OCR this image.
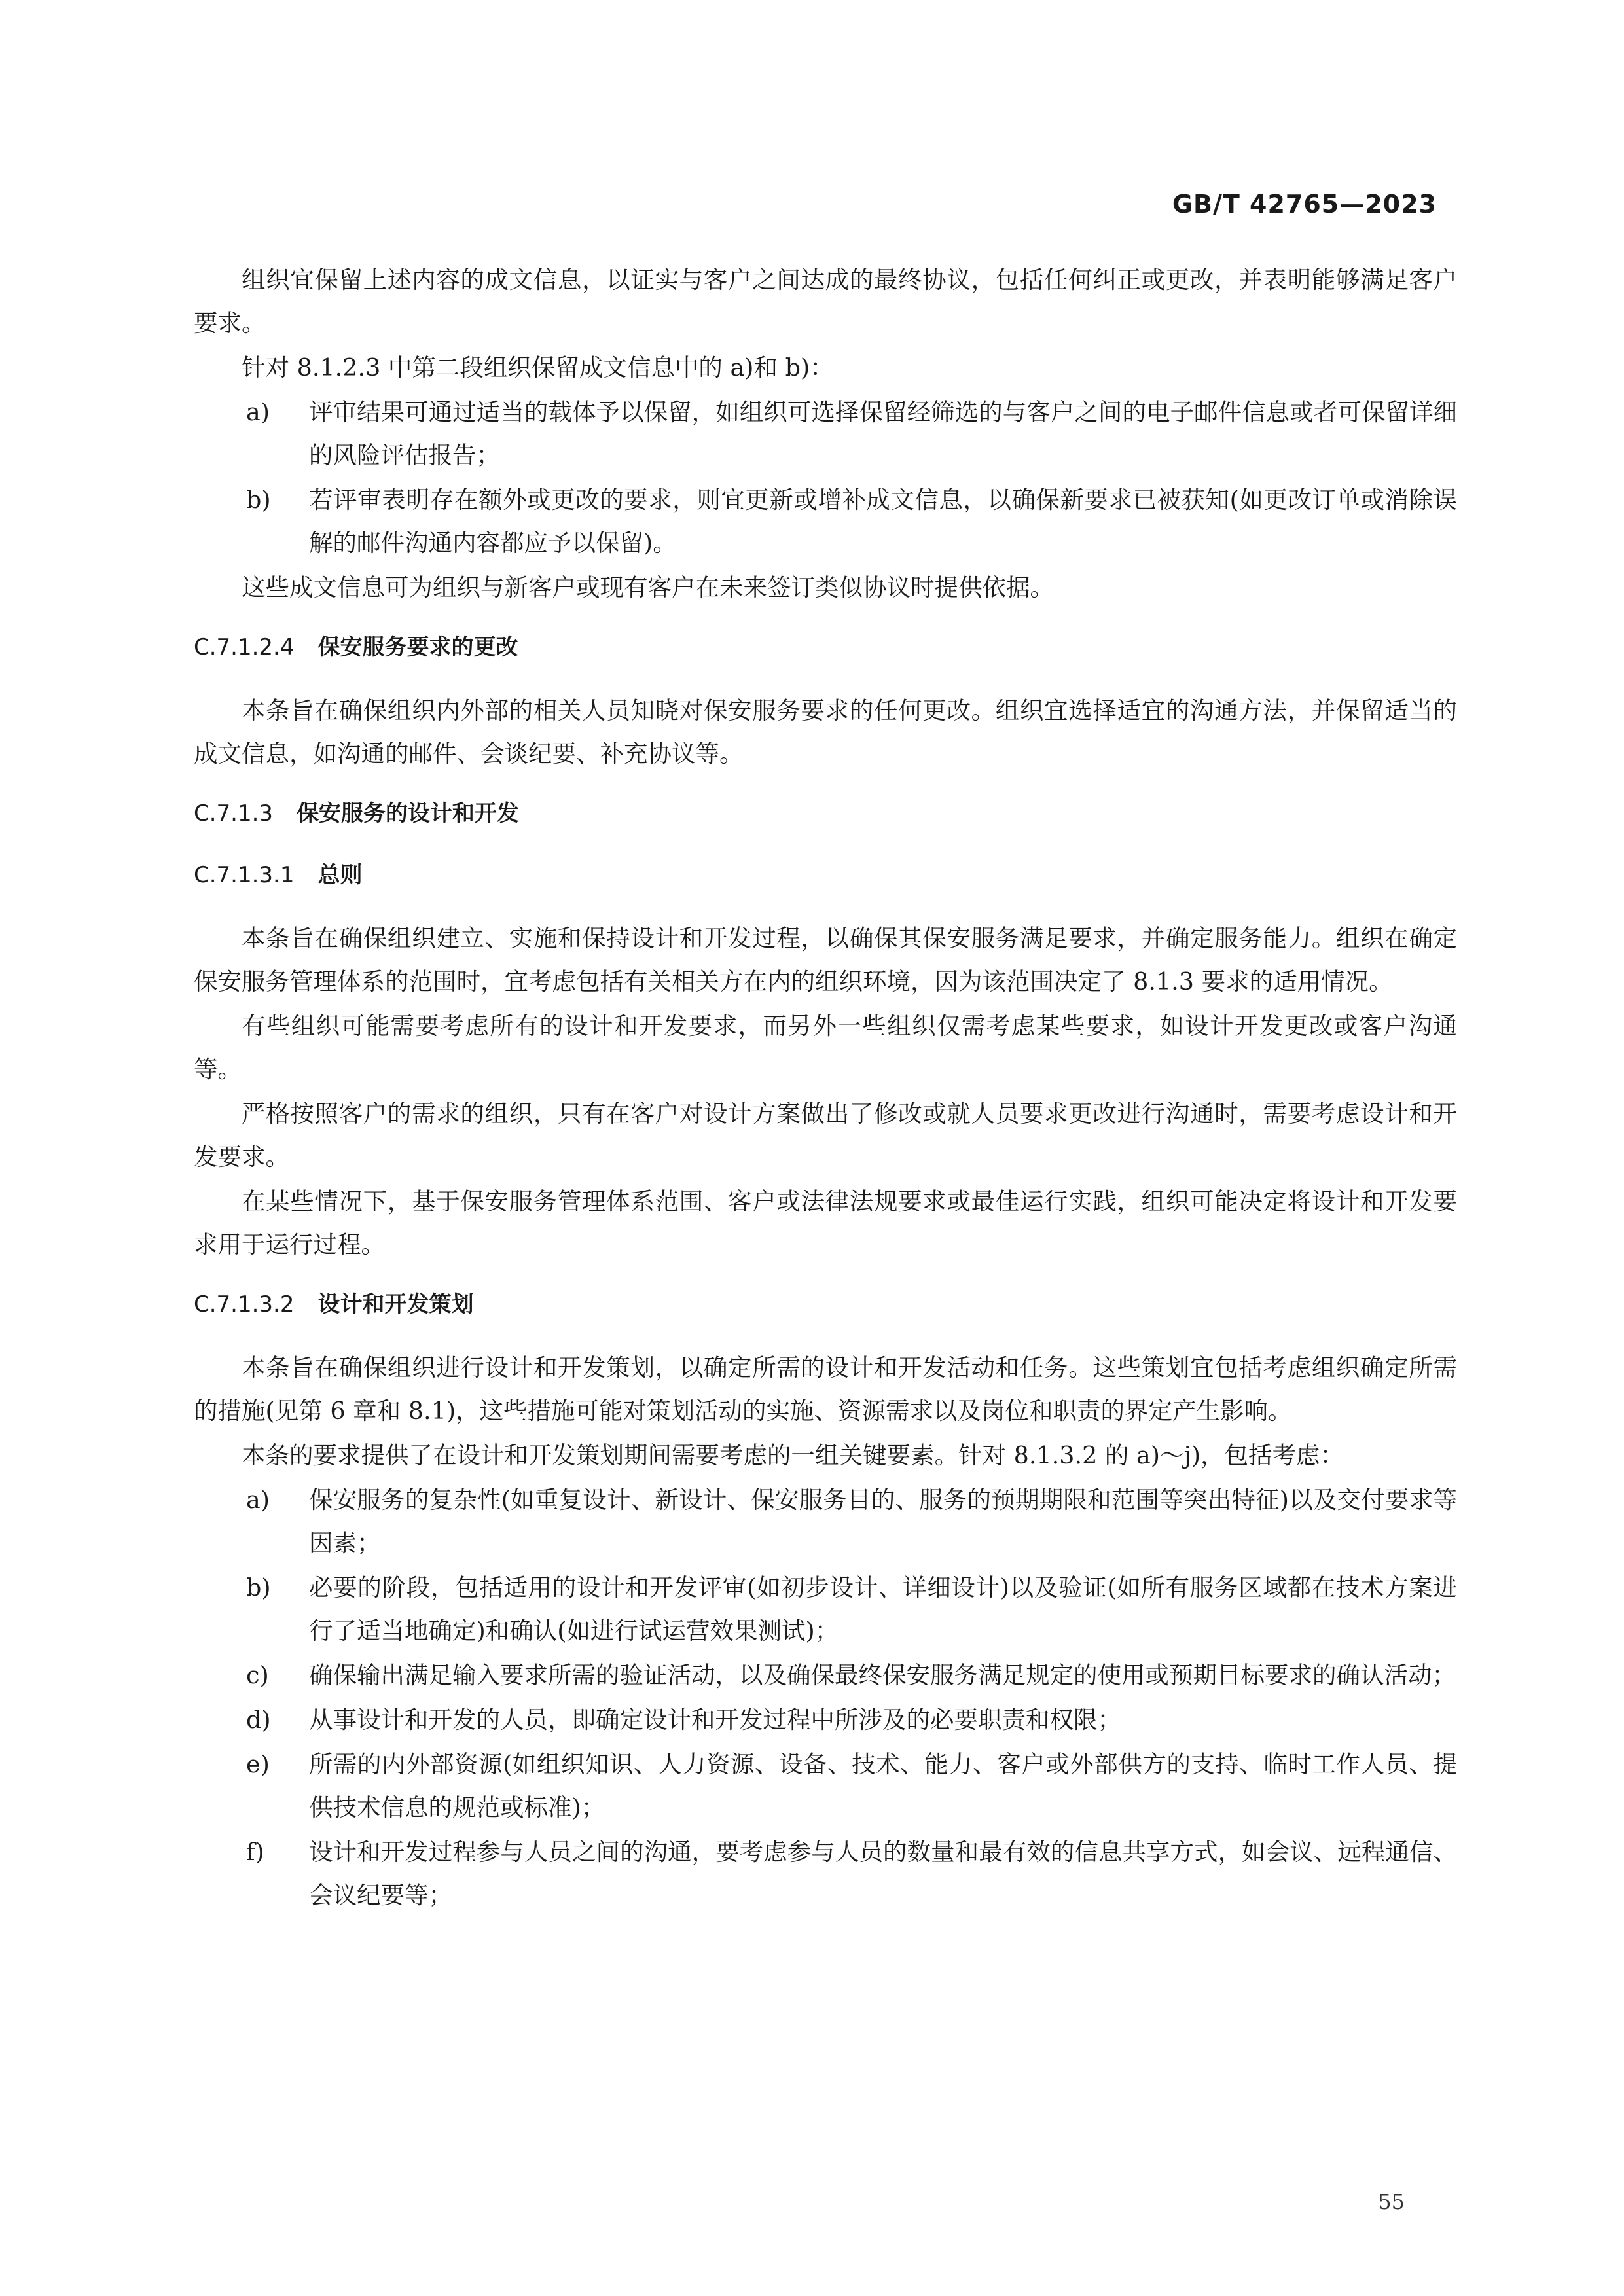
GB/T 42765—2023

组织宜保留上述内容的成文信息，以证实与客户之间达成的最终协议，包括任何纠正或更改，并表明能够满足客户要求。

针对 8.1.2.3 中第二段组织保留成文信息中的 a)和 b)：

a) 评审结果可通过适当的载体予以保留，如组织可选择保留经筛选的与客户之间的电子邮件信息或者可保留详细的风险评估报告；
b) 若评审表明存在额外或更改的要求，则宜更新或增补成文信息，以确保新要求已被获知(如更改订单或消除误解的邮件沟通内容都应予以保留)。

这些成文信息可为组织与新客户或现有客户在未来签订类似协议时提供依据。

C.7.1.2.4 保安服务要求的更改

本条旨在确保组织内外部的相关人员知晓对保安服务要求的任何更改。组织宜选择适宜的沟通方法，并保留适当的成文信息，如沟通的邮件、会谈纪要、补充协议等。

C.7.1.3 保安服务的设计和开发
C.7.1.3.1 总则

本条旨在确保组织建立、实施和保持设计和开发过程，以确保其保安服务满足要求，并确定服务能力。组织在确定保安服务管理体系的范围时，宜考虑包括有关相关方在内的组织环境，因为该范围决定了 8.1.3 要求的适用情况。

有些组织可能需要考虑所有的设计和开发要求，而另外一些组织仅需考虑某些要求，如设计开发更改或客户沟通等。

严格按照客户的需求的组织，只有在客户对设计方案做出了修改或就人员要求更改进行沟通时，需要考虑设计和开发要求。

在某些情况下，基于保安服务管理体系范围、客户或法律法规要求或最佳运行实践，组织可能决定将设计和开发要求用于运行过程。

C.7.1.3.2 设计和开发策划

本条旨在确保组织进行设计和开发策划，以确定所需的设计和开发活动和任务。这些策划宜包括考虑组织确定所需的措施(见第 6 章和 8.1)，这些措施可能对策划活动的实施、资源需求以及岗位和职责的界定产生影响。

本条的要求提供了在设计和开发策划期间需要考虑的一组关键要素。针对 8.1.3.2 的 a)～j)，包括考虑：

a) 保安服务的复杂性(如重复设计、新设计、保安服务目的、服务的预期期限和范围等突出特征)以及交付要求等因素；
b) 必要的阶段，包括适用的设计和开发评审(如初步设计、详细设计)以及验证(如所有服务区域都在技术方案进行了适当地确定)和确认(如进行试运营效果测试)；
c) 确保输出满足输入要求所需的验证活动，以及确保最终保安服务满足规定的使用或预期目标要求的确认活动；
d) 从事设计和开发的人员，即确定设计和开发过程中所涉及的必要职责和权限；
e) 所需的内外部资源(如组织知识、人力资源、设备、技术、能力、客户或外部供方的支持、临时工作人员、提供技术信息的规范或标准)；
f) 设计和开发过程参与人员之间的沟通，要考虑参与人员的数量和最有效的信息共享方式，如会议、远程通信、会议纪要等；
55
